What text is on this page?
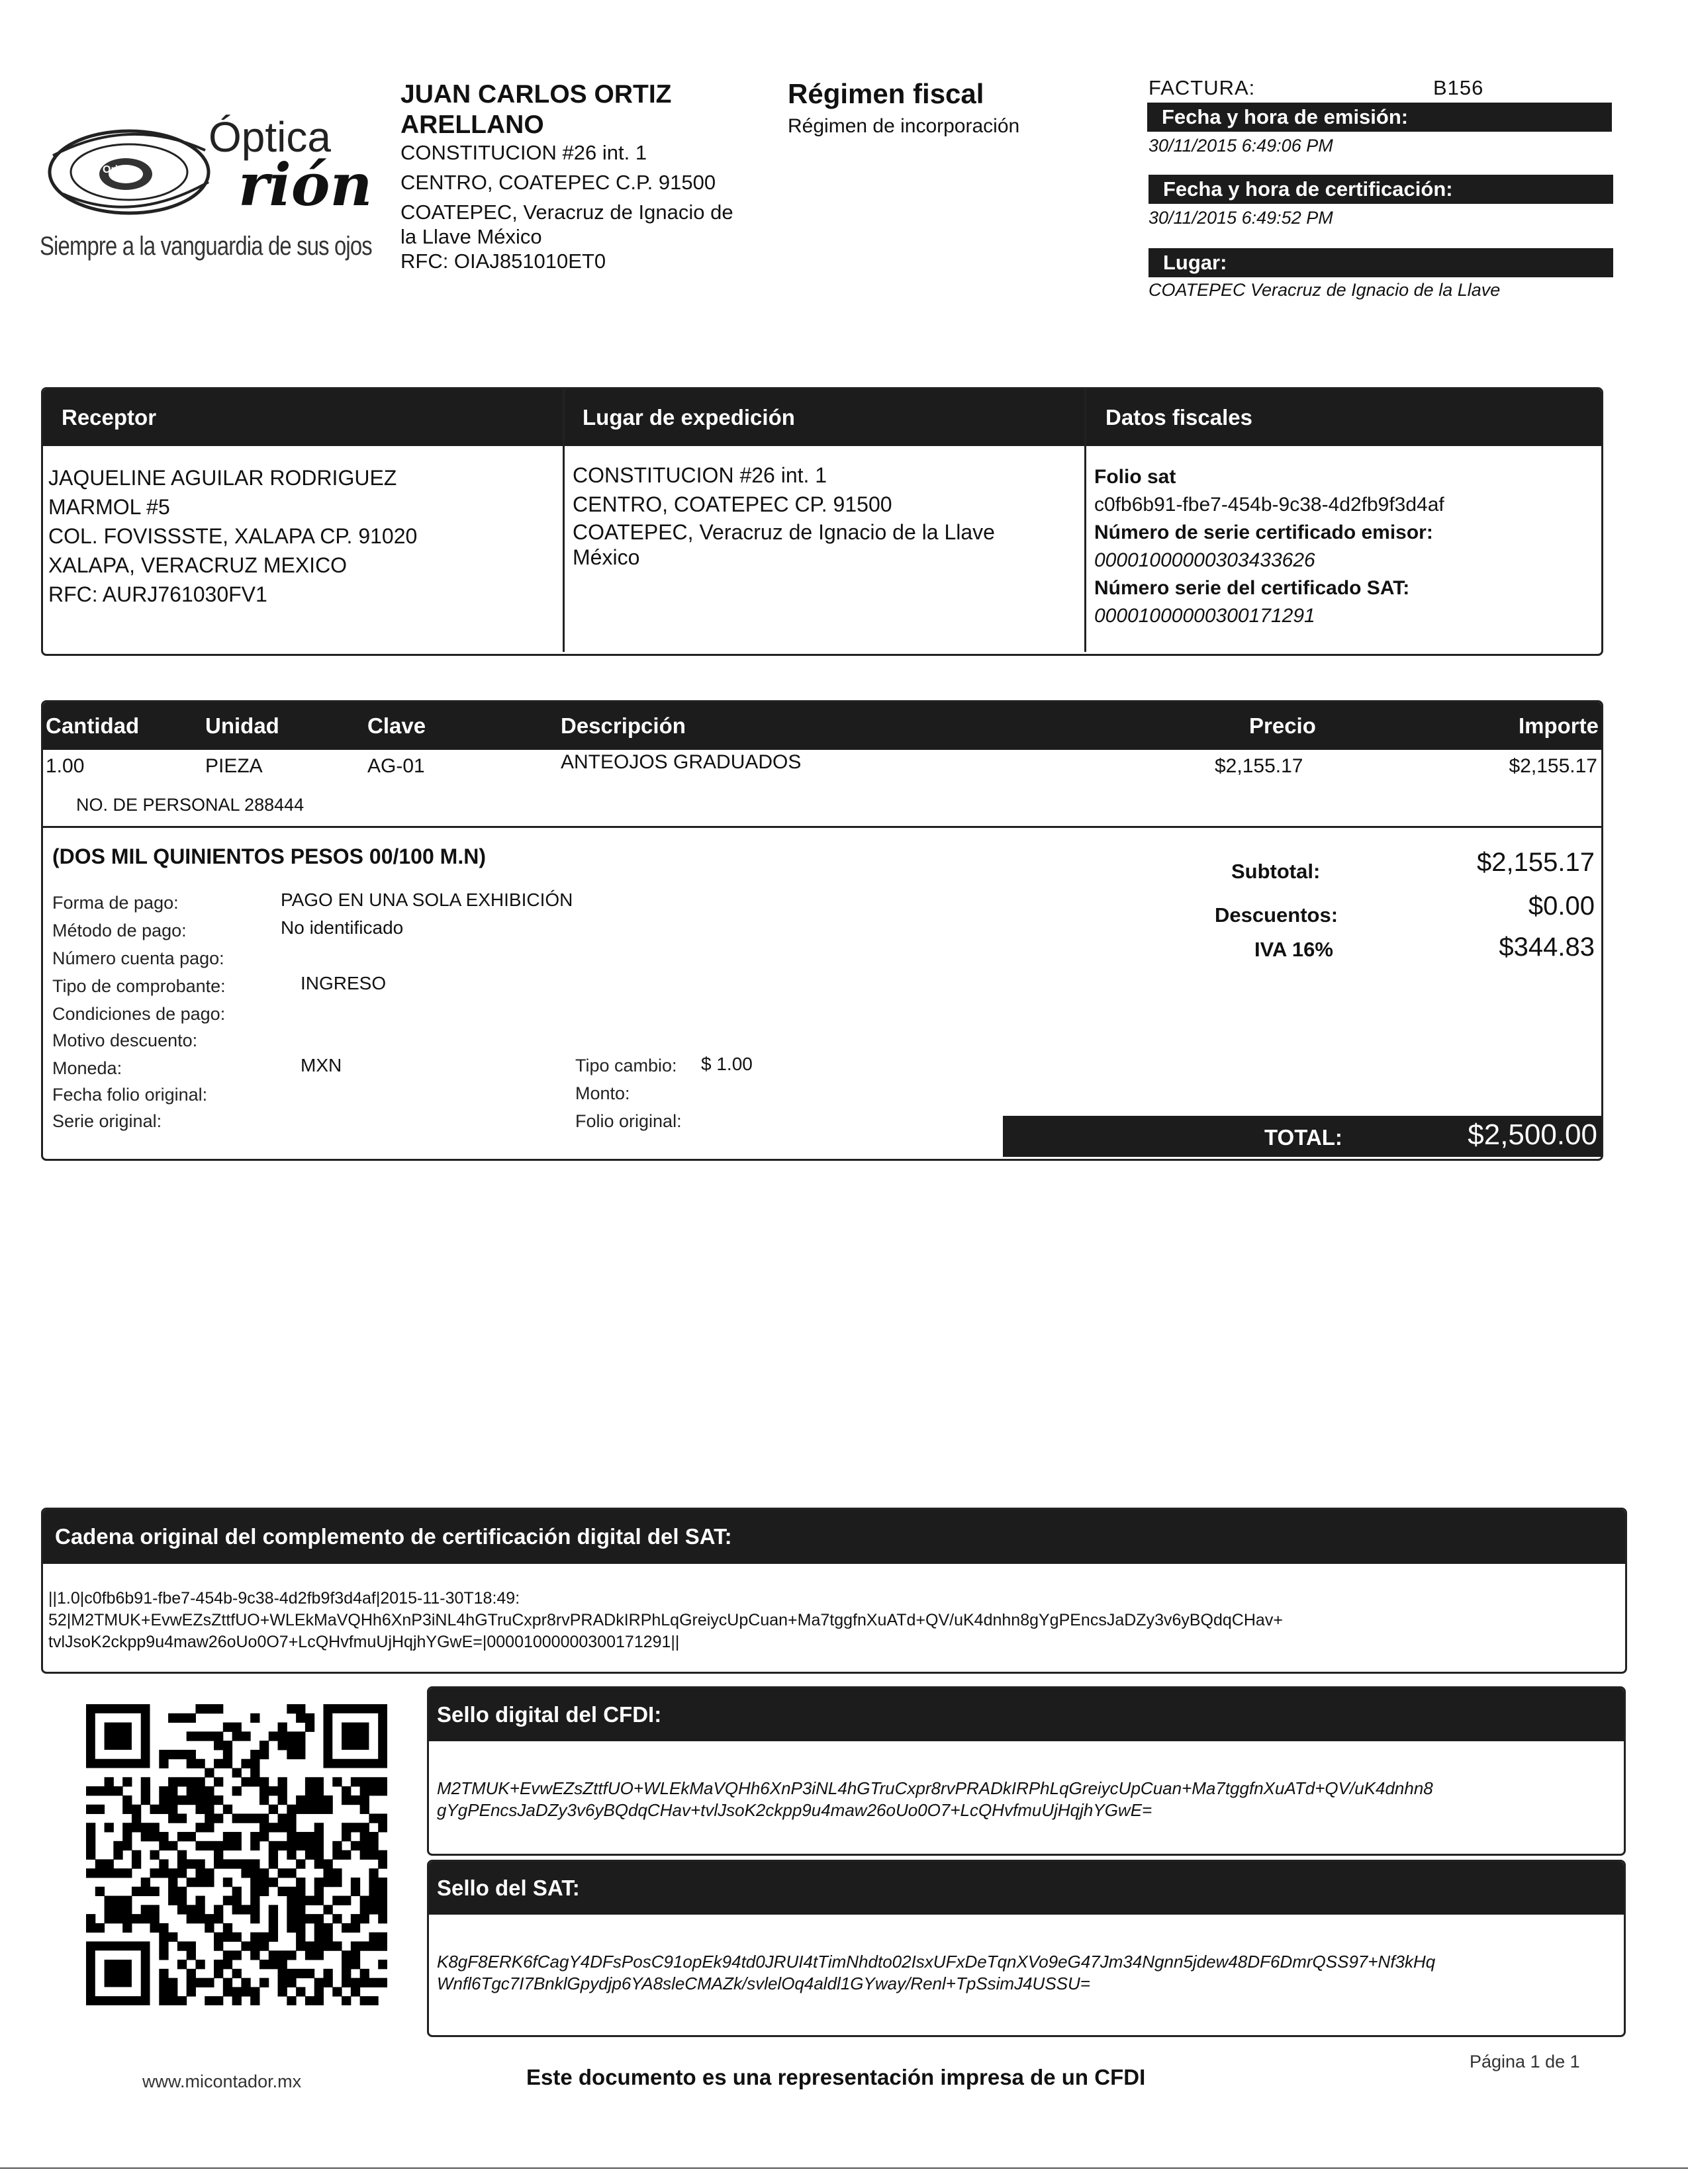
Orión
Óptica
rión
Siempre a la vanguardia de sus ojos
JUAN CARLOS ORTIZ
ARELLANO
CONSTITUCION #26 int. 1
CENTRO, COATEPEC C.P. 91500
COATEPEC, Veracruz de Ignacio de
la Llave México
RFC: OIAJ851010ET0
Régimen fiscal
Régimen de incorporación
FACTURA:	B156
Fecha y hora de emisión:
30/11/2015 6:49:06 PM
Fecha y hora de certificación:
30/11/2015 6:49:52 PM
Lugar:
COATEPEC Veracruz de Ignacio de la Llave
Receptor	Lugar de expedición	Datos fiscales
JAQUELINE AGUILAR RODRIGUEZ
MARMOL #5
COL. FOVISSSTE, XALAPA CP. 91020
XALAPA, VERACRUZ MEXICO
RFC: AURJ761030FV1
CONSTITUCION #26 int. 1
CENTRO, COATEPEC CP. 91500
COATEPEC, Veracruz de Ignacio de la Llave
México
Folio sat
c0fb6b91-fbe7-454b-9c38-4d2fb9f3d4af
Número de serie certificado emisor:
00001000000303433626
Número serie del certificado SAT:
00001000000300171291
Cantidad	Unidad	Clave	Descripción	Precio	Importe
1.00	PIEZA	AG-01	ANTEOJOS GRADUADOS	$2,155.17	$2,155.17
NO. DE PERSONAL 288444
(DOS MIL QUINIENTOS PESOS 00/100 M.N)
Forma de pago:	PAGO EN UNA SOLA EXHIBICIÓN
Método de pago:	No identificado
Número cuenta pago:
Tipo de comprobante:	INGRESO
Condiciones de pago:
Motivo descuento:
Moneda:	MXN	Tipo cambio: $ 1.00
Fecha folio original:	Monto:
Serie original:	Folio original:
Subtotal:	$2,155.17
Descuentos:	$0.00
IVA 16%	$344.83
TOTAL:	$2,500.00
Cadena original del complemento de certificación digital del SAT:
||1.0|c0fb6b91-fbe7-454b-9c38-4d2fb9f3d4af|2015-11-30T18:49:
52|M2TMUK+EvwEZsZttfUO+WLEkMaVQHh6XnP3iNL4hGTruCxpr8rvPRADkIRPhLqGreiycUpCuan+Ma7tggfnXuATd+QV/uK4dnhn8gYgPEncsJaDZy3v6yBQdqCHav+
tvlJsoK2ckpp9u4maw26oUo0O7+LcQHvfmuUjHqjhYGwE=|00001000000300171291||
Sello digital del CFDI:
M2TMUK+EvwEZsZttfUO+WLEkMaVQHh6XnP3iNL4hGTruCxpr8rvPRADkIRPhLqGreiycUpCuan+Ma7tggfnXuATd+QV/uK4dnhn8
gYgPEncsJaDZy3v6yBQdqCHav+tvlJsoK2ckpp9u4maw26oUo0O7+LcQHvfmuUjHqjhYGwE=
Sello del SAT:
K8gF8ERK6fCagY4DFsPosC91opEk94td0JRUI4tTimNhdto02IsxUFxDeTqnXVo9eG47Jm34Ngnn5jdew48DF6DmrQSS97+Nf3kHq
Wnfl6Tgc7I7BnklGpydjp6YA8sleCMAZk/svlelOq4aldl1GYway/Renl+TpSsimJ4USSU=
www.micontador.mx	Este documento es una representación impresa de un CFDI
Página 1 de 1
